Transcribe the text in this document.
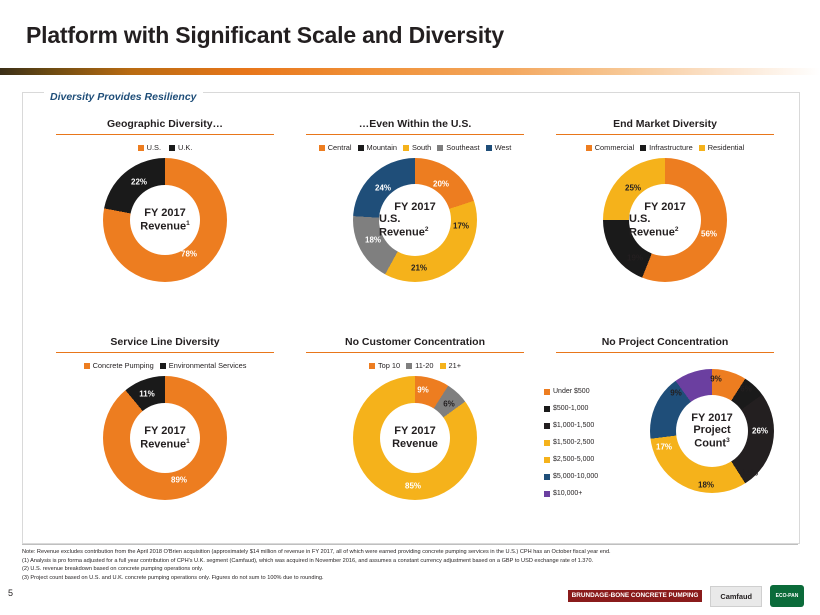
Platform with Significant Scale and Diversity
Diversity Provides Resiliency
Geographic Diversity…
U.S. U.K.
FY 2017
Revenue$^1$
78%
22%
…Even Within the U.S.
Central Mountain South Southeast West
FY 2017
U.S. Revenue$^2$
20%
17%
21%
18%
24%
End Market Diversity
Commercial Infrastructure Residential
FY 2017
U.S. Revenue$^2$
56%
19%
25%
Service Line Diversity
Concrete Pumping Environmental Services
FY 2017
Revenue$^1$
89%
11%
No Customer Concentration
Top 10 11-20 21+
FY 2017
Revenue
9%
6%
85%
No Project Concentration
Under $500
$500-1,000
$1,000-1,500
$1,500-2,500
$2,500-5,000
$5,000-10,000
$10,000+
FY 2017
Project
Count$^3$
9%
6%
26%
14%
18%
17%
9%
Note: Revenue excludes contribution from the April 2018 O'Brien acquisition (approximately $14 million of revenue in FY 2017, all of which were earned providing concrete pumping services in the U.S.) CPH has an October fiscal year end.
(1) Analysis is pro forma adjusted for a full year contribution of CPH's U.K. segment (Camfaud), which was acquired in November 2016, and assumes a constant currency adjustment based on a GBP to USD exchange rate of 1.370.
(2) U.S. revenue breakdown based on concrete pumping operations only.
(3) Project count based on U.S. and U.K. concrete pumping operations only. Figures do not sum to 100% due to rounding.
5	BRUNDAGE-BONE CONCRETE PUMPING	Camfaud	ECO-PAN
